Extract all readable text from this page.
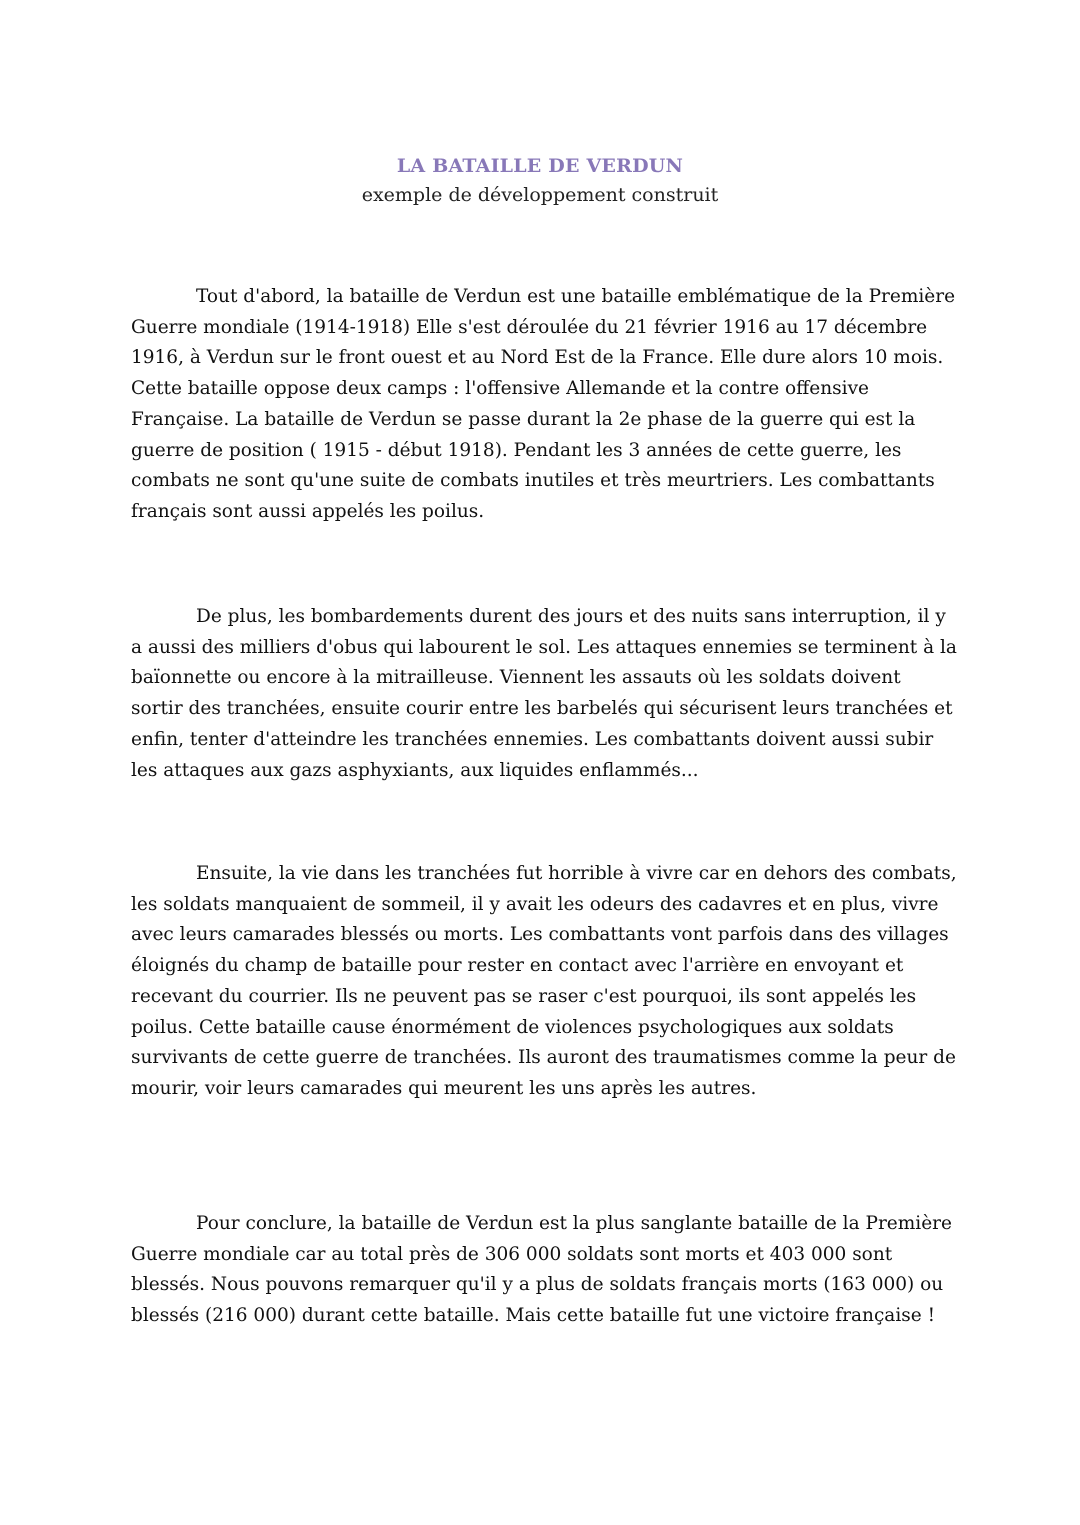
LA BATAILLE DE VERDUN
exemple de développement construit

Tout d'abord, la bataille de Verdun est une bataille emblématique de la Première Guerre mondiale (1914-1918) Elle s'est déroulée du 21 février 1916 au 17 décembre 1916, à Verdun sur le front ouest et au Nord Est de la France. Elle dure alors 10 mois. Cette bataille oppose deux camps : l'offensive Allemande et la contre offensive Française. La bataille de Verdun se passe durant la 2e phase de la guerre qui est la guerre de position ( 1915 - début 1918). Pendant les 3 années de cette guerre, les combats ne sont qu'une suite de combats inutiles et très meurtriers. Les combattants français sont aussi appelés les poilus.

De plus, les bombardements durent des jours et des nuits sans interruption, il y a aussi des milliers d'obus qui labourent le sol. Les attaques ennemies se terminent à la baïonnette ou encore à la mitrailleuse. Viennent les assauts où les soldats doivent sortir des tranchées, ensuite courir entre les barbelés qui sécurisent leurs tranchées et enfin, tenter d'atteindre les tranchées ennemies. Les combattants doivent aussi subir les attaques aux gazs asphyxiants, aux liquides enflammés...

Ensuite, la vie dans les tranchées fut horrible à vivre car en dehors des combats, les soldats manquaient de sommeil, il y avait les odeurs des cadavres et en plus, vivre avec leurs camarades blessés ou morts. Les combattants vont parfois dans des villages éloignés du champ de bataille pour rester en contact avec l'arrière en envoyant et recevant du courrier. Ils ne peuvent pas se raser c'est pourquoi, ils sont appelés les poilus. Cette bataille cause énormément de violences psychologiques aux soldats survivants de cette guerre de tranchées. Ils auront des traumatismes comme la peur de mourir, voir leurs camarades qui meurent les uns après les autres.

Pour conclure, la bataille de Verdun est la plus sanglante bataille de la Première Guerre mondiale car au total près de 306 000 soldats sont morts et 403 000 sont blessés. Nous pouvons remarquer qu'il y a plus de soldats français morts (163 000) ou blessés (216 000) durant cette bataille. Mais cette bataille fut une victoire française !
